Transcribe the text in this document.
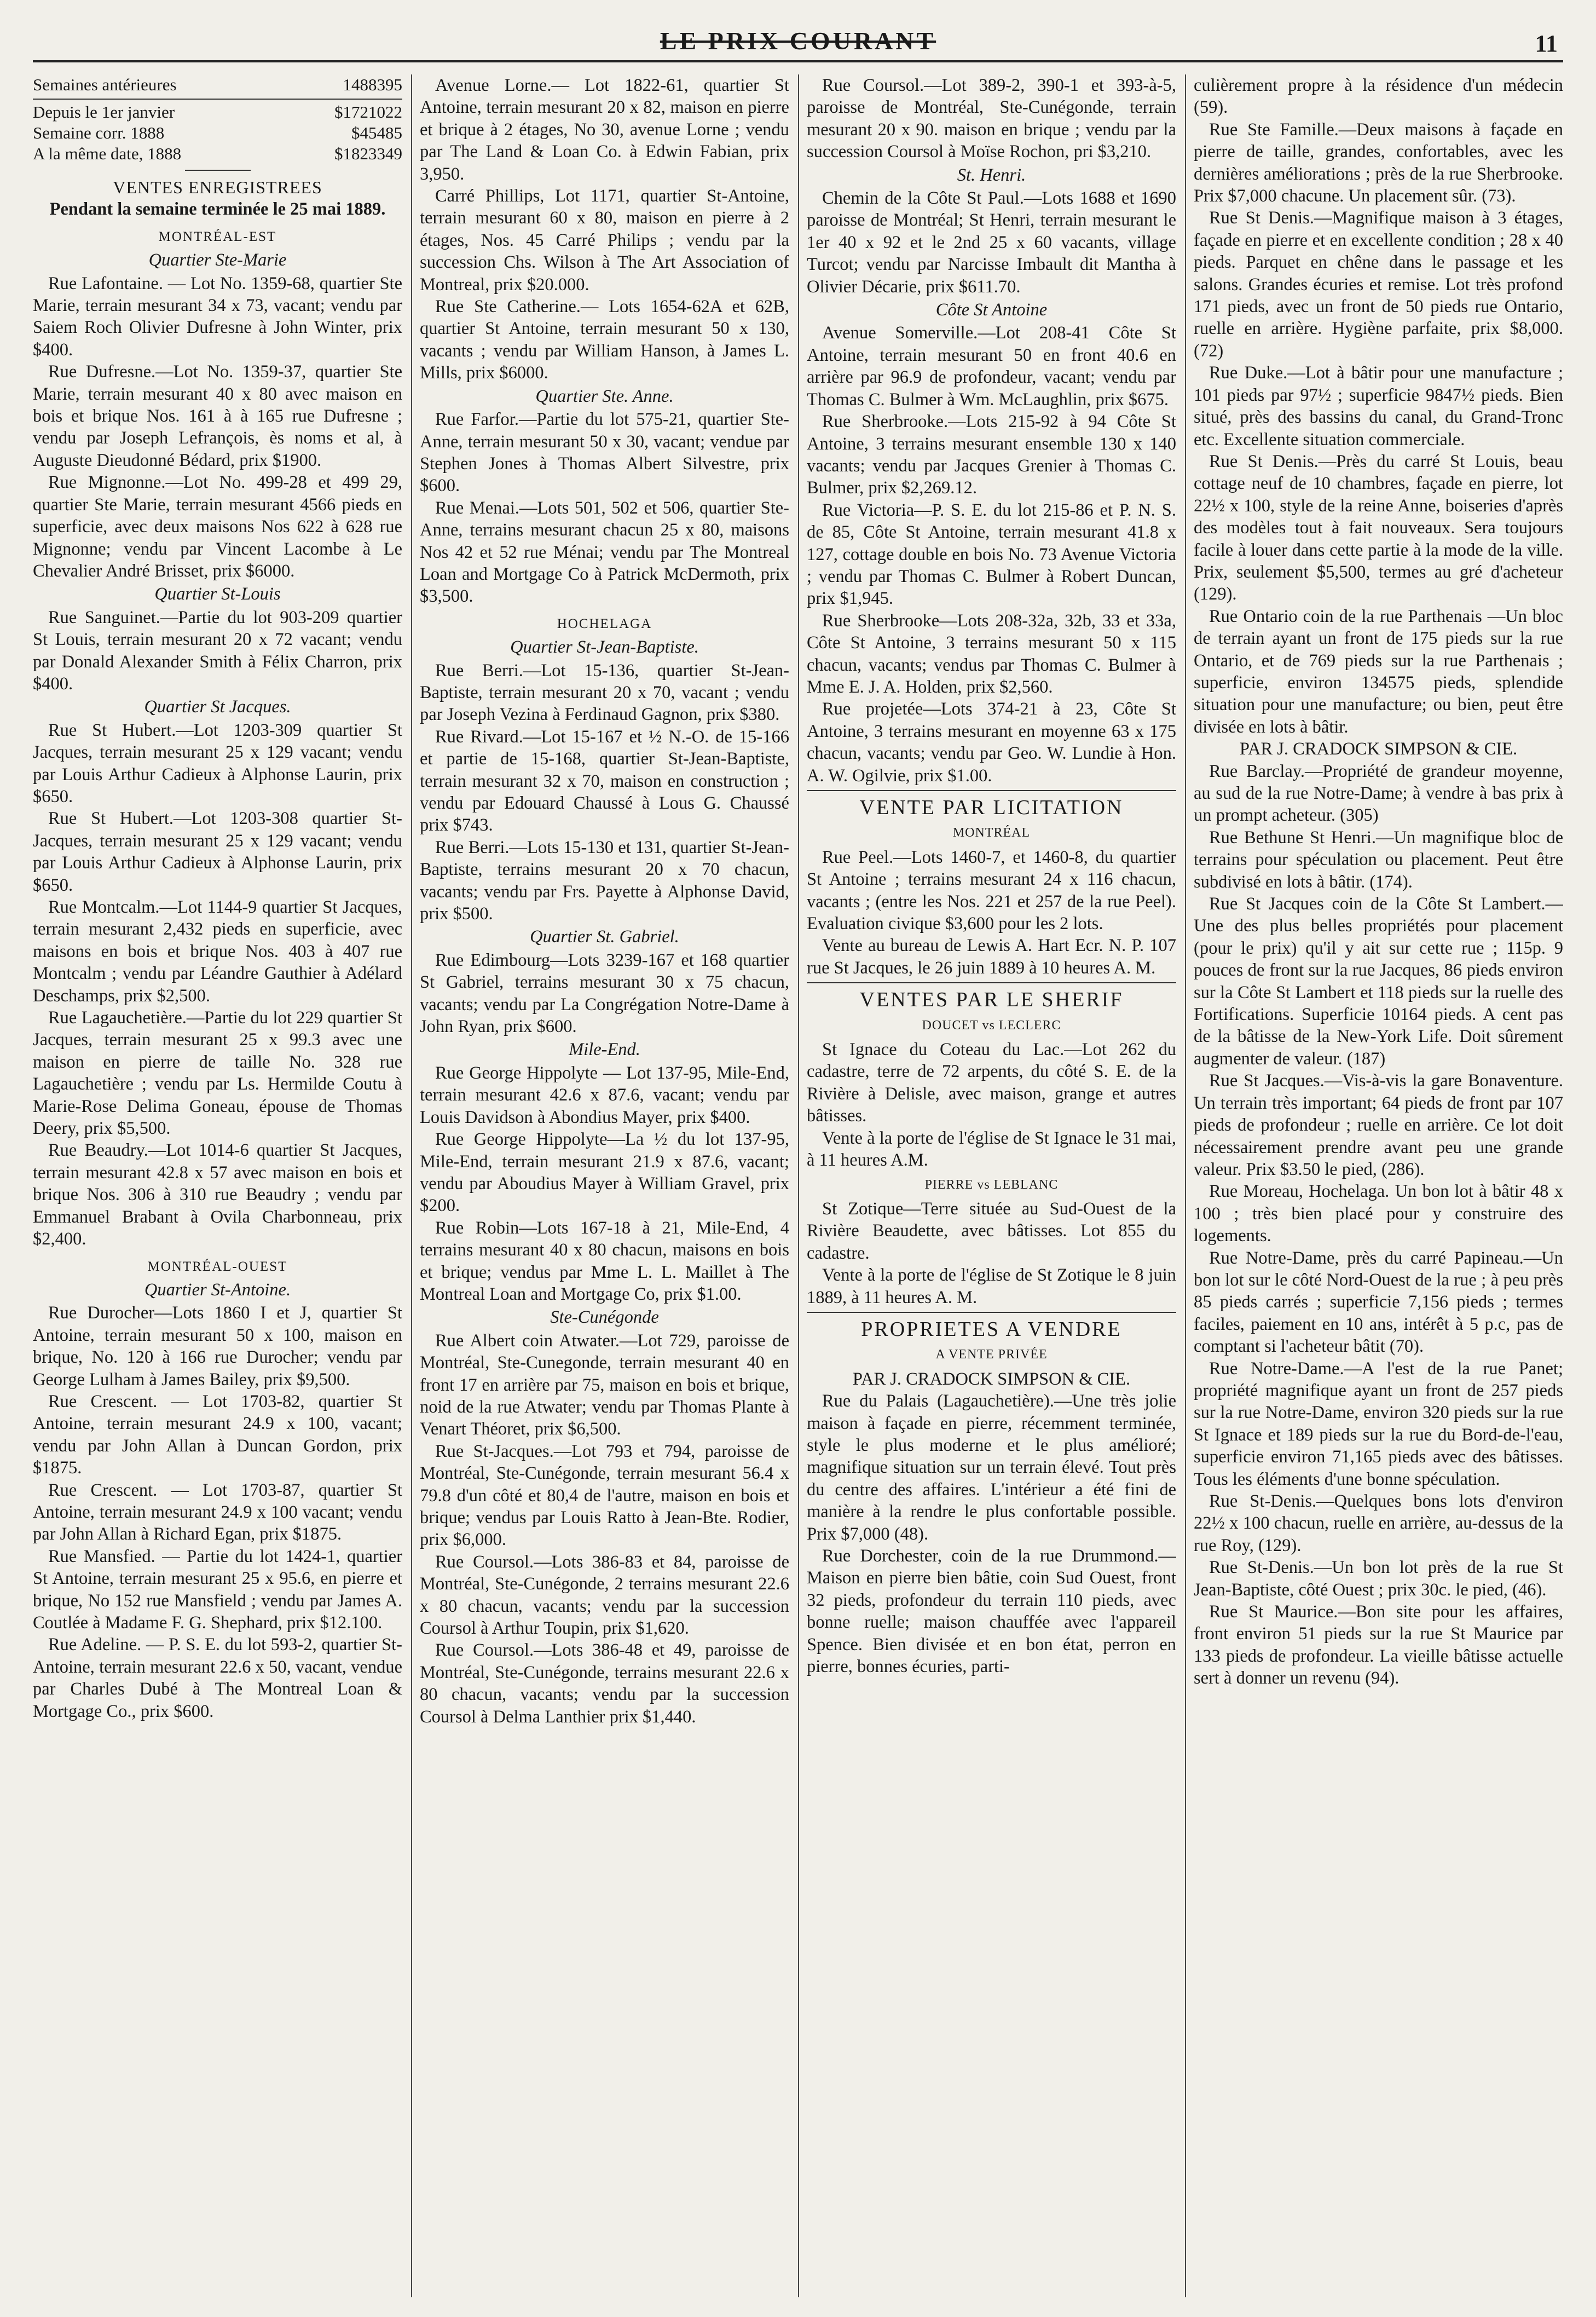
LE PRIX COURANT	11
Semaines antérieures	1488395
Depuis le 1er janvier	$1721022
Semaine corr. 1888	$45485
A la même date, 1888	$1823349
VENTES ENREGISTREES
Pendant la semaine terminée le 25 mai 1889.
MONTRÉAL-EST
Quartier Ste-Marie

Rue Lafontaine. — Lot No. 1359-68, quartier Ste Marie, terrain mesurant 34 x 73, vacant; vendu par Saiem Roch Olivier Dufresne à John Winter, prix $400.

Rue Dufresne.—Lot No. 1359-37, quartier Ste Marie, terrain mesurant 40 x 80 avec maison en bois et brique Nos. 161 à à 165 rue Dufresne ; vendu par Joseph Lefrançois, ès noms et al, à Auguste Dieudonné Bédard, prix $1900.

Rue Mignonne.—Lot No. 499-28 et 499 29, quartier Ste Marie, terrain mesurant 4566 pieds en superficie, avec deux maisons Nos 622 à 628 rue Mignonne; vendu par Vincent Lacombe à Le Chevalier André Brisset, prix $6000.

Quartier St-Louis

Rue Sanguinet.—Partie du lot 903-209 quartier St Louis, terrain mesurant 20 x 72 vacant; vendu par Donald Alexander Smith à Félix Charron, prix $400.

Quartier St Jacques.

Rue St Hubert.—Lot 1203-309 quartier St Jacques, terrain mesurant 25 x 129 vacant; vendu par Louis Arthur Cadieux à Alphonse Laurin, prix $650.

Rue St Hubert.—Lot 1203-308 quartier St-Jacques, terrain mesurant 25 x 129 vacant; vendu par Louis Arthur Cadieux à Alphonse Laurin, prix $650.

Rue Montcalm.—Lot 1144-9 quartier St Jacques, terrain mesurant 2,432 pieds en superficie, avec maisons en bois et brique Nos. 403 à 407 rue Montcalm ; vendu par Léandre Gauthier à Adélard Deschamps, prix $2,500.

Rue Lagauchetière.—Partie du lot 229 quartier St Jacques, terrain mesurant 25 x 99.3 avec une maison en pierre de taille No. 328 rue Lagauchetière ; vendu par Ls. Hermilde Coutu à Marie-Rose Delima Goneau, épouse de Thomas Deery, prix $5,500.

Rue Beaudry.—Lot 1014-6 quartier St Jacques, terrain mesurant 42.8 x 57 avec maison en bois et brique Nos. 306 à 310 rue Beaudry ; vendu par Emmanuel Brabant à Ovila Charbonneau, prix $2,400.

MONTRÉAL-OUEST
Quartier St-Antoine.

Rue Durocher—Lots 1860 I et J, quartier St Antoine, terrain mesurant 50 x 100, maison en brique, No. 120 à 166 rue Durocher; vendu par George Lulham à James Bailey, prix $9,500.

Rue Crescent. — Lot 1703-82, quartier St Antoine, terrain mesurant 24.9 x 100, vacant; vendu par John Allan à Duncan Gordon, prix $1875.

Rue Crescent. — Lot 1703-87, quartier St Antoine, terrain mesurant 24.9 x 100 vacant; vendu par John Allan à Richard Egan, prix $1875.

Rue Mansfied. — Partie du lot 1424-1, quartier St Antoine, terrain mesurant 25 x 95.6, en pierre et brique, No 152 rue Mansfield ; vendu par James A. Coutlée à Madame F. G. Shephard, prix $12.100.

Rue Adeline. — P. S. E. du lot 593-2, quartier St-Antoine, terrain mesurant 22.6 x 50, vacant, vendue par Charles Dubé à The Montreal Loan & Mortgage Co., prix $600.

Avenue Lorne.— Lot 1822-61, quartier St Antoine, terrain mesurant 20 x 82, maison en pierre et brique à 2 étages, No 30, avenue Lorne ; vendu par The Land & Loan Co. à Edwin Fabian, prix 3,950.

Carré Phillips, Lot 1171, quartier St-Antoine, terrain mesurant 60 x 80, maison en pierre à 2 étages, Nos. 45 Carré Philips ; vendu par la succession Chs. Wilson à The Art Association of Montreal, prix $20.000.

Rue Ste Catherine.— Lots 1654-62A et 62B, quartier St Antoine, terrain mesurant 50 x 130, vacants ; vendu par William Hanson, à James L. Mills, prix $6000.

Quartier Ste. Anne.

Rue Farfor.—Partie du lot 575-21, quartier Ste-Anne, terrain mesurant 50 x 30, vacant; vendue par Stephen Jones à Thomas Albert Silvestre, prix $600.

Rue Menai.—Lots 501, 502 et 506, quartier Ste-Anne, terrains mesurant chacun 25 x 80, maisons Nos 42 et 52 rue Ménai; vendu par The Montreal Loan and Mortgage Co à Patrick McDermoth, prix $3,500.

HOCHELAGA
Quartier St-Jean-Baptiste.

Rue Berri.—Lot 15-136, quartier St-Jean-Baptiste, terrain mesurant 20 x 70, vacant ; vendu par Joseph Vezina à Ferdinaud Gagnon, prix $380.

Rue Rivard.—Lot 15-167 et ½ N.-O. de 15-166 et partie de 15-168, quartier St-Jean-Baptiste, terrain mesurant 32 x 70, maison en construction ; vendu par Edouard Chaussé à Lous G. Chaussé prix $743.

Rue Berri.—Lots 15-130 et 131, quartier St-Jean-Baptiste, terrains mesurant 20 x 70 chacun, vacants; vendu par Frs. Payette à Alphonse David, prix $500.

Quartier St. Gabriel.

Rue Edimbourg—Lots 3239-167 et 168 quartier St Gabriel, terrains mesurant 30 x 75 chacun, vacants; vendu par La Congrégation Notre-Dame à John Ryan, prix $600.

Mile-End.

Rue George Hippolyte — Lot 137-95, Mile-End, terrain mesurant 42.6 x 87.6, vacant; vendu par Louis Davidson à Abondius Mayer, prix $400.

Rue George Hippolyte—La ½ du lot 137-95, Mile-End, terrain mesurant 21.9 x 87.6, vacant; vendu par Aboudius Mayer à William Gravel, prix $200.

Rue Robin—Lots 167-18 à 21, Mile-End, 4 terrains mesurant 40 x 80 chacun, maisons en bois et brique; vendus par Mme L. L. Maillet à The Montreal Loan and Mortgage Co, prix $1.00.

Ste-Cunégonde

Rue Albert coin Atwater.—Lot 729, paroisse de Montréal, Ste-Cunegonde, terrain mesurant 40 en front 17 en arrière par 75, maison en bois et brique, noid de la rue Atwater; vendu par Thomas Plante à Venart Théoret, prix $6,500.

Rue St-Jacques.—Lot 793 et 794, paroisse de Montréal, Ste-Cunégonde, terrain mesurant 56.4 x 79.8 d'un côté et 80,4 de l'autre, maison en bois et brique; vendus par Louis Ratto à Jean-Bte. Rodier, prix $6,000.

Rue Coursol.—Lots 386-83 et 84, paroisse de Montréal, Ste-Cunégonde, 2 terrains mesurant 22.6 x 80 chacun, vacants; vendu par la succession Coursol à Arthur Toupin, prix $1,620.

Rue Coursol.—Lots 386-48 et 49, paroisse de Montréal, Ste-Cunégonde, terrains mesurant 22.6 x 80 chacun, vacants; vendu par la succession Coursol à Delma Lanthier prix $1,440.

Rue Coursol.—Lot 389-2, 390-1 et 393-à-5, paroisse de Montréal, Ste-Cunégonde, terrain mesurant 20 x 90. maison en brique ; vendu par la succession Coursol à Moïse Rochon, pri $3,210.

St. Henri.

Chemin de la Côte St Paul.—Lots 1688 et 1690 paroisse de Montréal; St Henri, terrain mesurant le 1er 40 x 92 et le 2nd 25 x 60 vacants, village Turcot; vendu par Narcisse Imbault dit Mantha à Olivier Décarie, prix $611.70.

Côte St Antoine

Avenue Somerville.—Lot 208-41 Côte St Antoine, terrain mesurant 50 en front 40.6 en arrière par 96.9 de profondeur, vacant; vendu par Thomas C. Bulmer à Wm. McLaughlin, prix $675.

Rue Sherbrooke.—Lots 215-92 à 94 Côte St Antoine, 3 terrains mesurant ensemble 130 x 140 vacants; vendu par Jacques Grenier à Thomas C. Bulmer, prix $2,269.12.

Rue Victoria—P. S. E. du lot 215-86 et P. N. S. de 85, Côte St Antoine, terrain mesurant 41.8 x 127, cottage double en bois No. 73 Avenue Victoria ; vendu par Thomas C. Bulmer à Robert Duncan, prix $1,945.

Rue Sherbrooke—Lots 208-32a, 32b, 33 et 33a, Côte St Antoine, 3 terrains mesurant 50 x 115 chacun, vacants; vendus par Thomas C. Bulmer à Mme E. J. A. Holden, prix $2,560.

Rue projetée—Lots 374-21 à 23, Côte St Antoine, 3 terrains mesurant en moyenne 63 x 175 chacun, vacants; vendu par Geo. W. Lundie à Hon. A. W. Ogilvie, prix $1.00.

VENTE PAR LICITATION
MONTRÉAL

Rue Peel.—Lots 1460-7, et 1460-8, du quartier St Antoine ; terrains mesurant 24 x 116 chacun, vacants ; (entre les Nos. 221 et 257 de la rue Peel). Evaluation civique $3,600 pour les 2 lots.

Vente au bureau de Lewis A. Hart Ecr. N. P. 107 rue St Jacques, le 26 juin 1889 à 10 heures A. M.

VENTES PAR LE SHERIF
DOUCET vs LECLERC

St Ignace du Coteau du Lac.—Lot 262 du cadastre, terre de 72 arpents, du côté S. E. de la Rivière à Delisle, avec maison, grange et autres bâtisses.

Vente à la porte de l'église de St Ignace le 31 mai, à 11 heures A.M.

PIERRE vs LEBLANC

St Zotique—Terre située au Sud-Ouest de la Rivière Beaudette, avec bâtisses. Lot 855 du cadastre.

Vente à la porte de l'église de St Zotique le 8 juin 1889, à 11 heures A. M.

PROPRIETES A VENDRE
A VENTE PRIVÉE
PAR J. CRADOCK SIMPSON & CIE.

Rue du Palais (Lagauchetière).—Une très jolie maison à façade en pierre, récemment terminée, style le plus moderne et le plus amélioré; magnifique situation sur un terrain élevé. Tout près du centre des affaires. L'intérieur a été fini de manière à la rendre le plus confortable possible. Prix $7,000 (48).

Rue Dorchester, coin de la rue Drummond.—Maison en pierre bien bâtie, coin Sud Ouest, front 32 pieds, profondeur du terrain 110 pieds, avec bonne ruelle; maison chauffée avec l'appareil Spence. Bien divisée et en bon état, perron en pierre, bonnes écuries, parti-

culièrement propre à la résidence d'un médecin (59).

Rue Ste Famille.—Deux maisons à façade en pierre de taille, grandes, confortables, avec les dernières améliorations ; près de la rue Sherbrooke. Prix $7,000 chacune. Un placement sûr. (73).

Rue St Denis.—Magnifique maison à 3 étages, façade en pierre et en excellente condition ; 28 x 40 pieds. Parquet en chêne dans le passage et les salons. Grandes écuries et remise. Lot très profond 171 pieds, avec un front de 50 pieds rue Ontario, ruelle en arrière. Hygiène parfaite, prix $8,000. (72)

Rue Duke.—Lot à bâtir pour une manufacture ; 101 pieds par 97½ ; superficie 9847½ pieds. Bien situé, près des bassins du canal, du Grand-Tronc etc. Excellente situation commerciale.

Rue St Denis.—Près du carré St Louis, beau cottage neuf de 10 chambres, façade en pierre, lot 22½ x 100, style de la reine Anne, boiseries d'après des modèles tout à fait nouveaux. Sera toujours facile à louer dans cette partie à la mode de la ville. Prix, seulement $5,500, termes au gré d'acheteur (129).

Rue Ontario coin de la rue Parthenais —Un bloc de terrain ayant un front de 175 pieds sur la rue Ontario, et de 769 pieds sur la rue Parthenais ; superficie, environ 134575 pieds, splendide situation pour une manufacture; ou bien, peut être divisée en lots à bâtir.

PAR J. CRADOCK SIMPSON & CIE.

Rue Barclay.—Propriété de grandeur moyenne, au sud de la rue Notre-Dame; à vendre à bas prix à un prompt acheteur. (305)

Rue Bethune St Henri.—Un magnifique bloc de terrains pour spéculation ou placement. Peut être subdivisé en lots à bâtir. (174).

Rue St Jacques coin de la Côte St Lambert.—Une des plus belles propriétés pour placement (pour le prix) qu'il y ait sur cette rue ; 115p. 9 pouces de front sur la rue Jacques, 86 pieds environ sur la Côte St Lambert et 118 pieds sur la ruelle des Fortifications. Superficie 10164 pieds. A cent pas de la bâtisse de la New-York Life. Doit sûrement augmenter de valeur. (187)

Rue St Jacques.—Vis-à-vis la gare Bonaventure. Un terrain très important; 64 pieds de front par 107 pieds de profondeur ; ruelle en arrière. Ce lot doit nécessairement prendre avant peu une grande valeur. Prix $3.50 le pied, (286).

Rue Moreau, Hochelaga. Un bon lot à bâtir 48 x 100 ; très bien placé pour y construire des logements.

Rue Notre-Dame, près du carré Papineau.—Un bon lot sur le côté Nord-Ouest de la rue ; à peu près 85 pieds carrés ; superficie 7,156 pieds ; termes faciles, paiement en 10 ans, intérêt à 5 p.c, pas de comptant si l'acheteur bâtit (70).

Rue Notre-Dame.—A l'est de la rue Panet; propriété magnifique ayant un front de 257 pieds sur la rue Notre-Dame, environ 320 pieds sur la rue St Ignace et 189 pieds sur la rue du Bord-de-l'eau, superficie environ 71,165 pieds avec des bâtisses. Tous les éléments d'une bonne spéculation.

Rue St-Denis.—Quelques bons lots d'environ 22½ x 100 chacun, ruelle en arrière, au-dessus de la rue Roy, (129).

Rue St-Denis.—Un bon lot près de la rue St Jean-Baptiste, côté Ouest ; prix 30c. le pied, (46).

Rue St Maurice.—Bon site pour les affaires, front environ 51 pieds sur la rue St Maurice par 133 pieds de profondeur. La vieille bâtisse actuelle sert à donner un revenu (94).
